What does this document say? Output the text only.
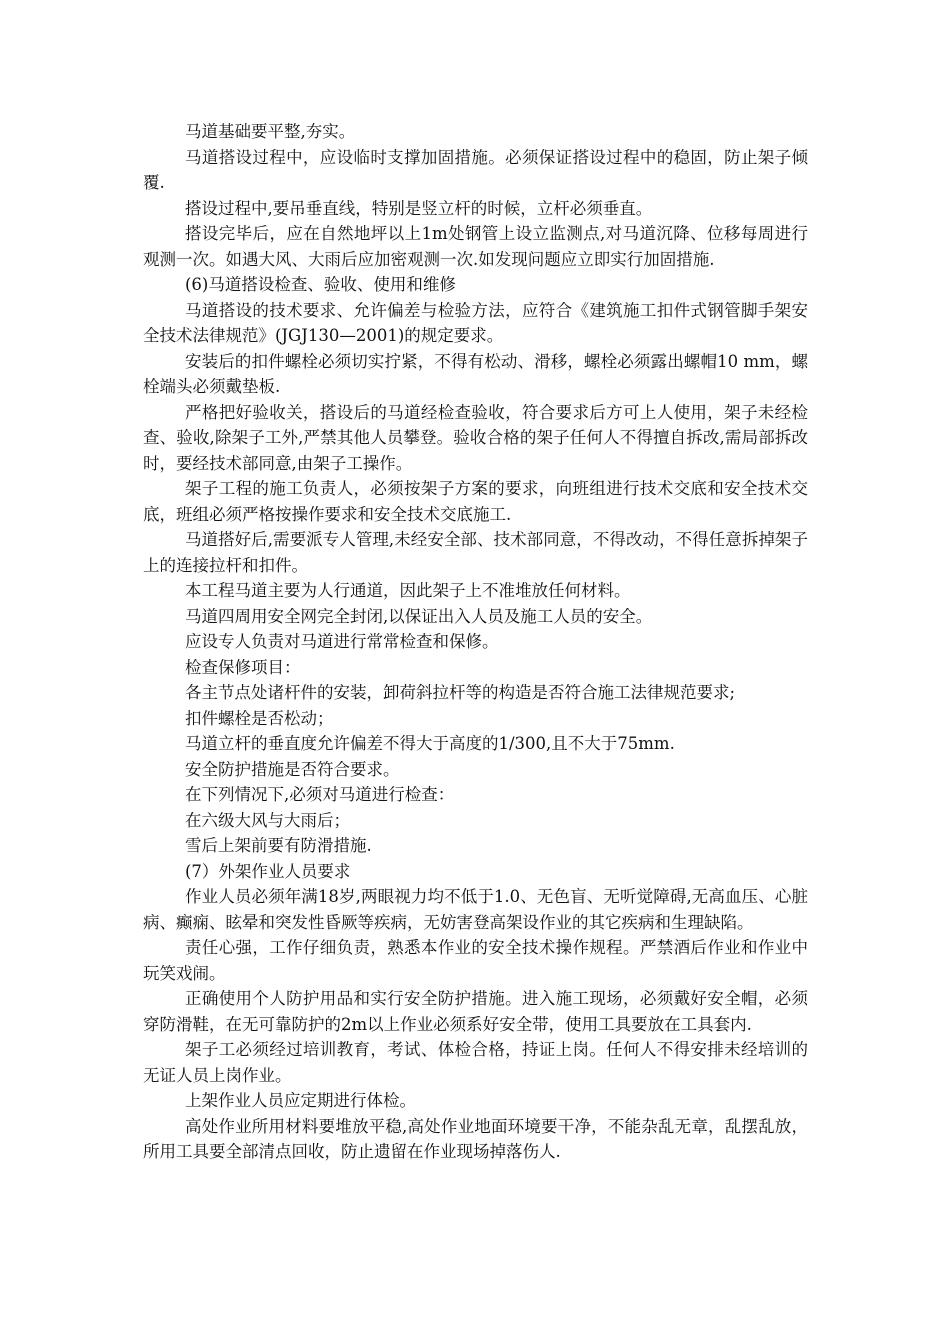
马道基础要平整,夯实。

马道搭设过程中，应设临时支撑加固措施。必须保证搭设过程中的稳固，防止架子倾覆.

搭设过程中,要吊垂直线，特别是竖立杆的时候，立杆必须垂直。

搭设完毕后，应在自然地坪以上1m处钢管上设立监测点,对马道沉降、位移每周进行观测一次。如遇大风、大雨后应加密观测一次.如发现问题应立即实行加固措施.

(6)马道搭设检查、验收、使用和维修

马道搭设的技术要求、允许偏差与检验方法，应符合《建筑施工扣件式钢管脚手架安全技术法律规范》(JGJ130—2001)的规定要求。

安装后的扣件螺栓必须切实拧紧，不得有松动、滑移，螺栓必须露出螺帽10 mm，螺栓端头必须戴垫板.

严格把好验收关，搭设后的马道经检查验收，符合要求后方可上人使用，架子未经检查、验收,除架子工外,严禁其他人员攀登。验收合格的架子任何人不得擅自拆改,需局部拆改时，要经技术部同意,由架子工操作。

架子工程的施工负责人，必须按架子方案的要求，向班组进行技术交底和安全技术交底，班组必须严格按操作要求和安全技术交底施工.

马道搭好后,需要派专人管理,未经安全部、技术部同意，不得改动，不得任意拆掉架子上的连接拉杆和扣件。

本工程马道主要为人行通道，因此架子上不准堆放任何材料。

马道四周用安全网完全封闭,以保证出入人员及施工人员的安全。

应设专人负责对马道进行常常检查和保修。

检查保修项目：

各主节点处诸杆件的安装，卸荷斜拉杆等的构造是否符合施工法律规范要求;

扣件螺栓是否松动；

马道立杆的垂直度允许偏差不得大于高度的1/300,且不大于75mm.

安全防护措施是否符合要求。

在下列情况下,必须对马道进行检查：

在六级大风与大雨后；

雪后上架前要有防滑措施.

(7）外架作业人员要求

作业人员必须年满18岁,两眼视力均不低于1.0、无色盲、无听觉障碍,无高血压、心脏病、癫痫、眩晕和突发性昏厥等疾病，无妨害登高架设作业的其它疾病和生理缺陷。

责任心强，工作仔细负责，熟悉本作业的安全技术操作规程。严禁酒后作业和作业中玩笑戏闹。

正确使用个人防护用品和实行安全防护措施。进入施工现场，必须戴好安全帽，必须穿防滑鞋，在无可靠防护的2m以上作业必须系好安全带，使用工具要放在工具套内.

架子工必须经过培训教育，考试、体检合格，持证上岗。任何人不得安排未经培训的无证人员上岗作业。

上架作业人员应定期进行体检。

高处作业所用材料要堆放平稳,高处作业地面环境要干净，不能杂乱无章，乱摆乱放，所用工具要全部清点回收，防止遗留在作业现场掉落伤人.
